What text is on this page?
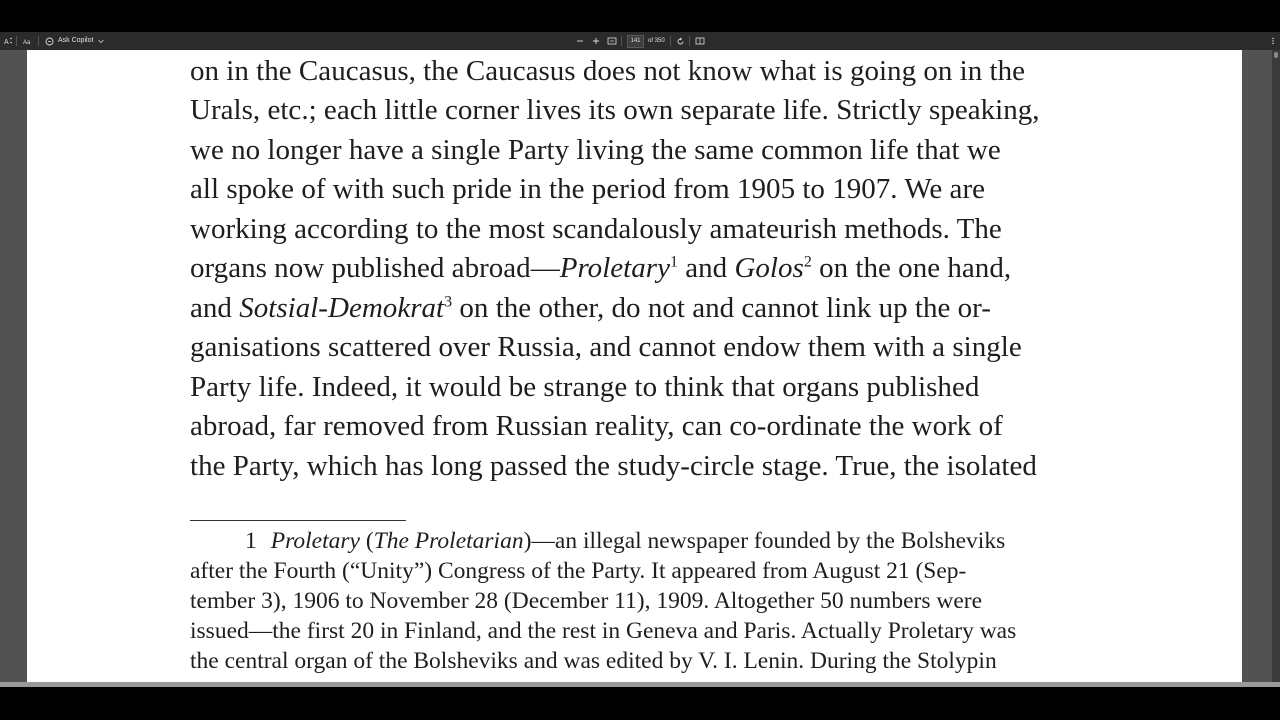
A Aa	Ask Copilot	141 of 350
on in the Caucasus, the Caucasus does not know what is going on in the
Urals, etc.; each little corner lives its own separate life. Strictly speaking,
we no longer have a single Party living the same common life that we
all spoke of with such pride in the period from 1905 to 1907. We are
working according to the most scandalously amateurish methods. The
organs now published abroad—Proletary$^1$ and Golos$^2$ on the one hand,
and Sotsial-Demokrat$^3$ on the other, do not and cannot link up the or-
ganisations scattered over Russia, and cannot endow them with a single
Party life. Indeed, it would be strange to think that organs published
abroad, far removed from Russian reality, can co-ordinate the work of
the Party, which has long passed the study-circle stage. True, the isolated
1 Proletary (The Proletarian)—an illegal newspaper founded by the Bolsheviks
after the Fourth (“Unity”) Congress of the Party. It appeared from August 21 (Sep-
tember 3), 1906 to November 28 (December 11), 1909. Altogether 50 numbers were
issued—the first 20 in Finland, and the rest in Geneva and Paris. Actually Proletary was
the central organ of the Bolsheviks and was edited by V. I. Lenin. During the Stolypin
